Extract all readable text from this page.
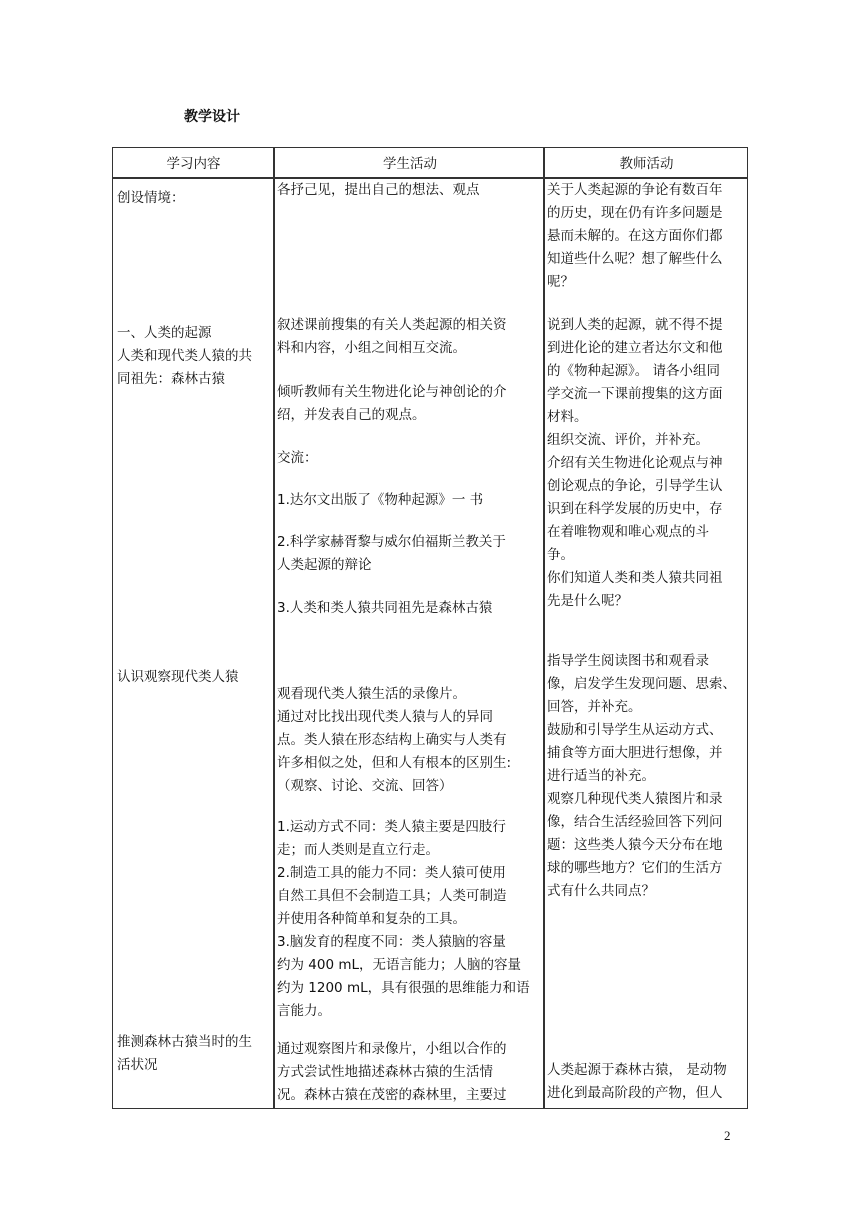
教学设计
学习内容	学生活动	教师活动
创设情境：
一、人类的起源
人类和现代类人猿的共
同祖先：森林古猿
认识观察现代类人猿
推测森林古猿当时的生
活状况
各抒己见，提出自己的想法、观点
叙述课前搜集的有关人类起源的相关资
料和内容，小组之间相互交流。
倾听教师有关生物进化论与神创论的介
绍，并发表自己的观点。
交流：
1.达尔文出版了《物种起源》一 书
2.科学家赫胥黎与威尔伯福斯兰教关于
人类起源的辩论
3.人类和类人猿共同祖先是森林古猿
观看现代类人猿生活的录像片。
通过对比找出现代类人猿与人的异同
点。类人猿在形态结构上确实与人类有
许多相似之处，但和人有根本的区别生:
（观察、讨论、交流、回答）
1.运动方式不同：类人猿主要是四肢行
走；而人类则是直立行走。
2.制造工具的能力不同：类人猿可使用
自然工具但不会制造工具；人类可制造
并使用各种简单和复杂的工具。
3.脑发育的程度不同：类人猿脑的容量
约为 400 mL，无语言能力；人脑的容量
约为 1200 mL，具有很强的思维能力和语
言能力。
通过观察图片和录像片，小组以合作的
方式尝试性地描述森林古猿的生活情
况。森林古猿在茂密的森林里，主要过
关于人类起源的争论有数百年
的历史，现在仍有许多问题是
悬而未解的。在这方面你们都
知道些什么呢？想了解些什么
呢？
说到人类的起源，就不得不提
到进化论的建立者达尔文和他
的《物种起源》。 请各小组同
学交流一下课前搜集的这方面
材料。
组织交流、评价，并补充。
介绍有关生物进化论观点与神
创论观点的争论，引导学生认
识到在科学发展的历史中，存
在着唯物观和唯心观点的斗
争。
你们知道人类和类人猿共同祖
先是什么呢？
指导学生阅读图书和观看录
像，启发学生发现问题、思索、
回答，并补充。
鼓励和引导学生从运动方式、
捕食等方面大胆进行想像，并
进行适当的补充。
观察几种现代类人猿图片和录
像，结合生活经验回答下列问
题：这些类人猿今天分布在地
球的哪些地方？它们的生活方
式有什么共同点？
人类起源于森林古猿， 是动物
进化到最高阶段的产物，但人
2
